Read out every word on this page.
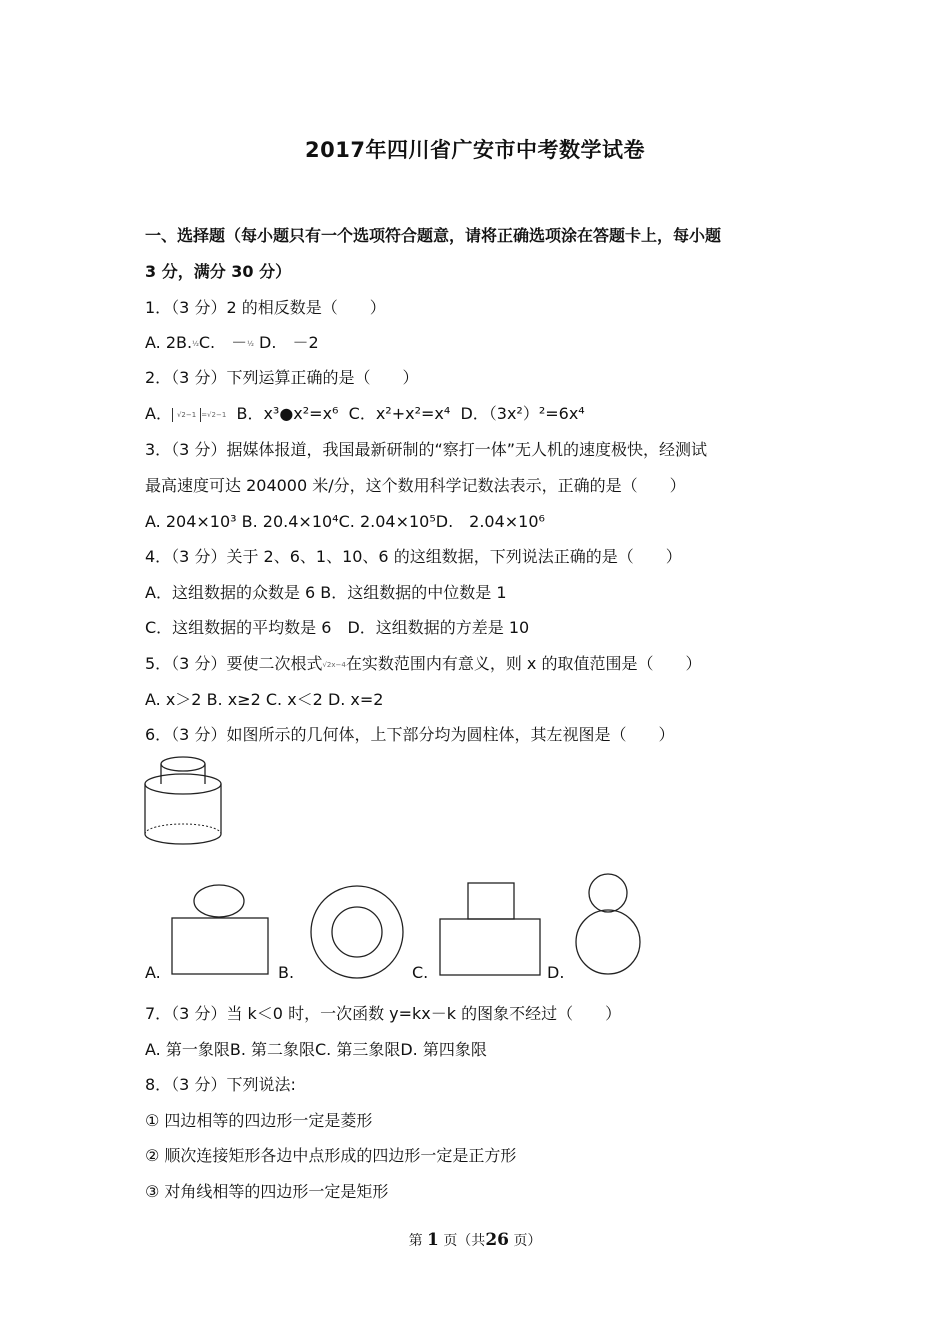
2017年四川省广安市中考数学试卷
一、选择题（每小题只有一个选项符合题意，请将正确选项涂在答题卡上，每小题
3 分，满分 30 分）
1．（3 分）2 的相反数是（　　）
A. 2B.½C.　－½ D.　－2
2．（3 分）下列运算正确的是（　　）
A． √2−1 =√2−1 B．x³●x²=x⁶ C．x²+x²=x⁴ D．（3x²）²=6x⁴
3．（3 分）据媒体报道，我国最新研制的“察打一体”无人机的速度极快，经测试
最高速度可达 204000 米/分，这个数用科学记数法表示，正确的是（　　）
A. 204×10³ B. 20.4×10⁴C. 2.04×10⁵D.　2.04×10⁶
4．（3 分）关于 2、6、1、10、6 的这组数据，下列说法正确的是（　　）
A．这组数据的众数是 6 B．这组数据的中位数是 1
C．这组数据的平均数是 6　D．这组数据的方差是 10
5．（3 分）要使二次根式√2x−4在实数范围内有意义，则 x 的取值范围是（　　）
A. x＞2 B. x≥2 C. x＜2 D. x=2
6．（3 分）如图所示的几何体，上下部分均为圆柱体，其左视图是（　　）
A.	B.	C.	D.
7．（3 分）当 k＜0 时，一次函数 y=kx－k 的图象不经过（　　）
A. 第一象限B. 第二象限C. 第三象限D. 第四象限
8．（3 分）下列说法:
① 四边相等的四边形一定是菱形
② 顺次连接矩形各边中点形成的四边形一定是正方形
③ 对角线相等的四边形一定是矩形
第 1 页（共26 页）
